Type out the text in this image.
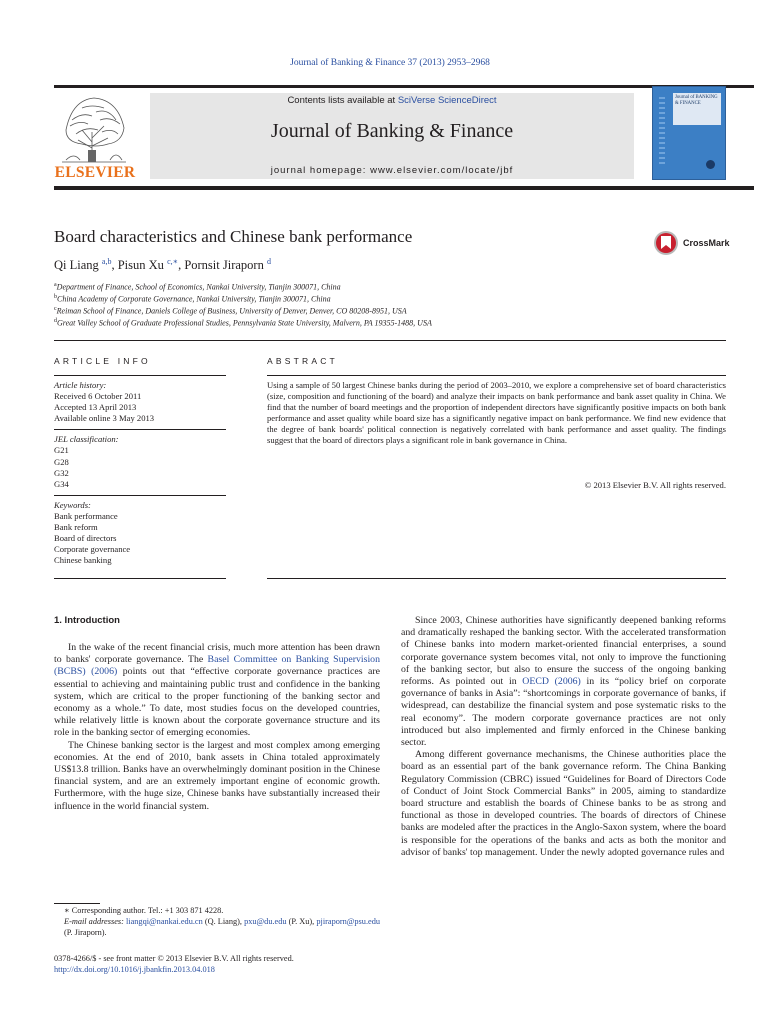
Journal of Banking & Finance 37 (2013) 2953–2968
ELSEVIER
Contents lists available at SciVerse ScienceDirect
Journal of Banking & Finance
journal homepage: www.elsevier.com/locate/jbf
Journal of BANKING & FINANCE
Board characteristics and Chinese bank performance	CrossMark
Qi Liang $^{a,b}$, Pisun Xu $^{c,∗}$, Pornsit Jiraporn $^d$
$^a$Department of Finance, School of Economics, Nankai University, Tianjin 300071, China
$^b$China Academy of Corporate Governance, Nankai University, Tianjin 300071, China
$^c$Reiman School of Finance, Daniels College of Business, University of Denver, Denver, CO 80208-8951, USA
$^d$Great Valley School of Graduate Professional Studies, Pennsylvania State University, Malvern, PA 19355-1488, USA
ARTICLE INFO	ABSTRACT
Article history:
Received 6 October 2011
Accepted 13 April 2013
Available online 3 May 2013
JEL classification:
G21
G28
G32
G34
Keywords:
Bank performance
Bank reform
Board of directors
Corporate governance
Chinese banking
Using a sample of 50 largest Chinese banks during the period of 2003–2010, we explore a comprehensive set of board characteristics (size, composition and functioning of the board) and analyze their impacts on bank performance and bank asset quality in China. We find that the number of board meetings and the proportion of independent directors have significantly positive impacts on both bank performance and asset quality while board size has a significantly negative impact on bank performance. We find new evidence that the degree of bank boards' political connection is negatively correlated with bank performance and asset quality. The findings suggest that the board of directors plays a significant role in bank governance in China.
© 2013 Elsevier B.V. All rights reserved.
1. Introduction

In the wake of the recent financial crisis, much more attention has been drawn to banks' corporate governance. The Basel Committee on Banking Supervision (BCBS) (2006) points out that “effective corporate governance practices are essential to achieving and maintaining public trust and confidence in the banking system, which are critical to the proper functioning of the banking sector and economy as a whole.” To date, most studies focus on the developed countries, while relatively little is known about the corporate governance structure and its role in the banking sector of emerging economies.

The Chinese banking sector is the largest and most complex among emerging economies. At the end of 2010, bank assets in China totaled approximately US$13.8 trillion. Banks have an overwhelmingly dominant position in the Chinese financial system, and are an extremely important engine of economic growth. Furthermore, with the huge size, Chinese banks have substantially increased their influence in the world financial system.

Since 2003, Chinese authorities have significantly deepened banking reforms and dramatically reshaped the banking sector. With the accelerated transformation of Chinese banks into modern market-oriented financial enterprises, a sound corporate governance system becomes vital, not only to improve the functioning of the banking sector, but also to ensure the success of the ongoing banking reforms. As pointed out in OECD (2006) in its “policy brief on corporate governance of banks in Asia”: “shortcomings in corporate governance of banks, if widespread, can destabilize the financial system and pose systematic risks to the real economy”. The modern corporate governance practices are not only introduced but also implemented and firmly enforced in the Chinese banking sector.

Among different governance mechanisms, the Chinese authorities place the board as an essential part of the bank governance reform. The China Banking Regulatory Commission (CBRC) issued “Guidelines for Board of Directors Code of Conduct of Joint Stock Commercial Banks” in 2005, aiming to standardize board structure and establish the boards of Chinese banks to be as strong and functional as those in developed countries. The boards of directors of Chinese banks are modeled after the practices in the Anglo-Saxon system, where the board is responsible for the operations of the banks and acts as both the monitor and advisor of banks' top management. Under the newly adopted governance rules and

∗ Corresponding author. Tel.: +1 303 871 4228.
E-mail addresses: liangqi@nankai.edu.cn (Q. Liang), pxu@du.edu (P. Xu), pjiraporn@psu.edu (P. Jiraporn).
0378-4266/$ - see front matter © 2013 Elsevier B.V. All rights reserved.
http://dx.doi.org/10.1016/j.jbankfin.2013.04.018
